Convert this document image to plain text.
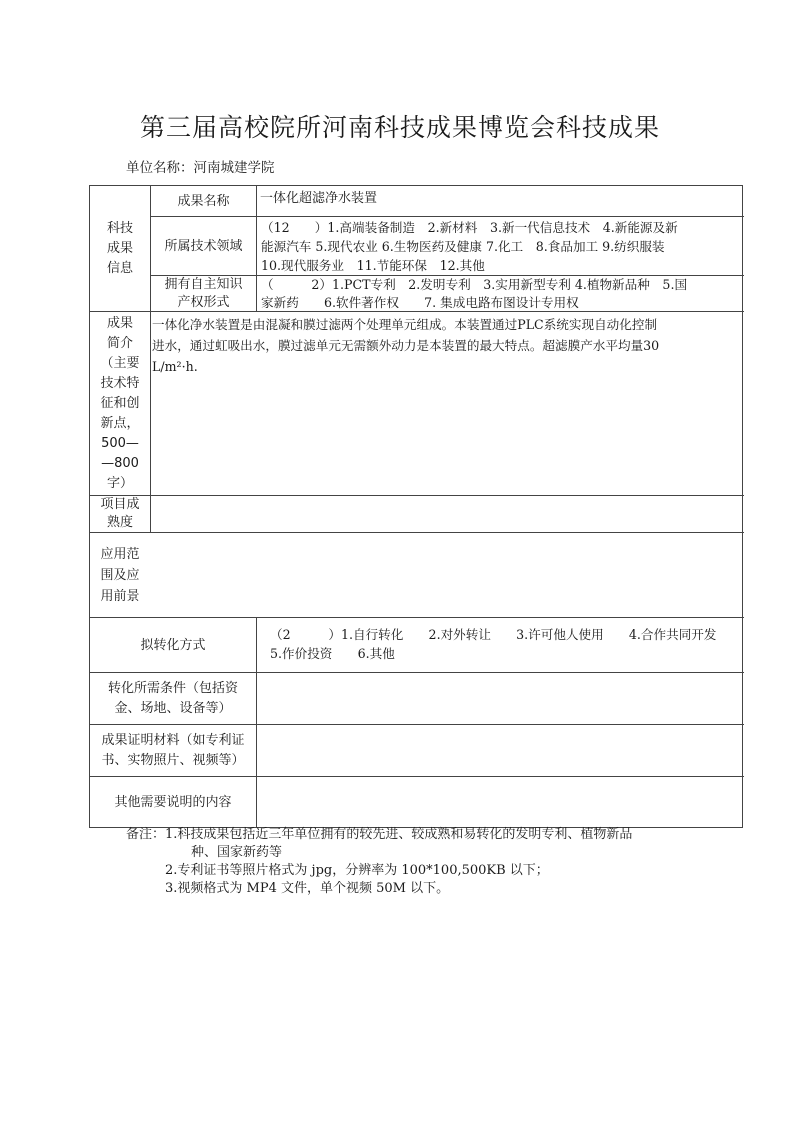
第三届高校院所河南科技成果博览会科技成果
单位名称：河南城建学院
科技成果信息
成果名称	一体化超滤净水装置
所属技术领域
（12　　）1.高端装备制造　2.新材料　3.新一代信息技术　4.新能源及新
能源汽车 5.现代农业 6.生物医药及健康 7.化工　8.食品加工 9.纺织服装
10.现代服务业　11.节能环保　12.其他
拥有自主知识
产权形式
（　　　2）1.PCT专利　2.发明专利　3.实用新型专利 4.植物新品种　5.国
家新药　　6.软件著作权　　7. 集成电路布图设计专用权
成果
简介
（主要
技术特
征和创
新点，
500—
—800
字）
一体化净水装置是由混凝和膜过滤两个处理单元组成。本装置通过PLC系统实现自动化控制
进水，通过虹吸出水，膜过滤单元无需额外动力是本装置的最大特点。超滤膜产水平均量30
L/m²·h.
项目成
熟度
应用范
围及应
用前景
拟转化方式
（2　　　）1.自行转化　　2.对外转让　　3.许可他人使用　　4.合作共同开发
5.作价投资　　6.其他
转化所需条件（包括资
金、场地、设备等）
成果证明材料（如专利证
书、实物照片、视频等）
其他需要说明的内容
备注：1.科技成果包括近三年单位拥有的较先进、较成熟和易转化的发明专利、植物新品
　　　　　种、国家新药等
　　　2.专利证书等照片格式为 jpg，分辨率为 100*100,500KB 以下；
　　　3.视频格式为 MP4 文件，单个视频 50M 以下。
